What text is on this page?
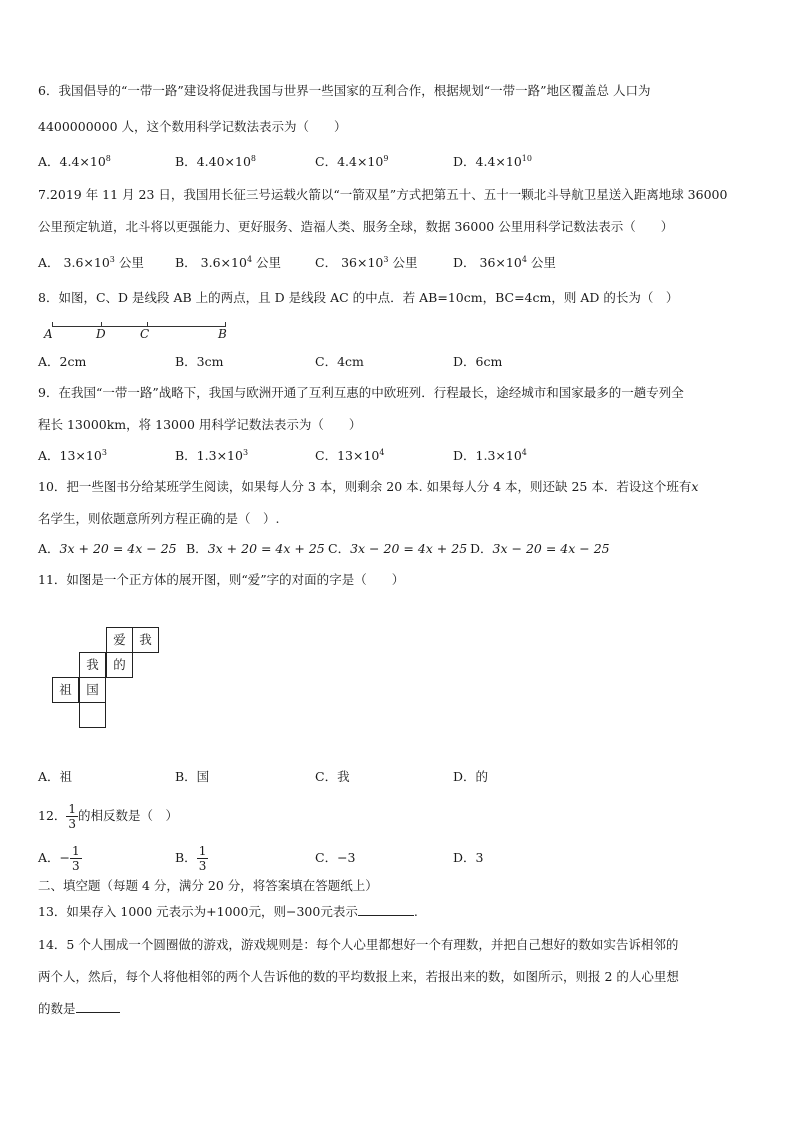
6．我国倡导的“一带一路”建设将促进我国与世界一些国家的互利合作，根据规划“一带一路”地区覆盖总 人口为
4400000000 人，这个数用科学记数法表示为（　　）
A．$4.4\times 10^8$	B．$4.40\times 10^8$	C．$4.4\times 10^9$	D．$4.4\times 10^{10}$
7.2019 年 11 月 23 日，我国用长征三号运载火箭以“一箭双星”方式把第五十、五十一颗北斗导航卫星送入距离地球 36000
公里预定轨道，北斗将以更强能力、更好服务、造福人类、服务全球，数据 36000 公里用科学记数法表示（　　）
A． $3.6\times 10^3$ 公里 B． $3.6\times 10^4$ 公里	C． $36\times 10^3$ 公里	D． $36\times 10^4$ 公里
8．如图，C、D 是线段 AB 上的两点，且 D 是线段 AC 的中点．若 AB=10cm，BC=4cm，则 AD 的长为（　）
A	D	C	B
A．2cm	B．3cm	C．4cm	D．6cm
9．在我国“一带一路”战略下，我国与欧洲开通了互利互惠的中欧班列．行程最长，途经城市和国家最多的一趟专列全
程长 13000km，将 13000 用科学记数法表示为（　　）
A．$13\times 10^3$	B．$1.3\times 10^3$	C．$13\times 10^4$	D．$1.3\times 10^4$
10．把一些图书分给某班学生阅读，如果每人分 3 本，则剩余 20 本. 如果每人分 4 本，则还缺 25 本．若设这个班有x
名学生，则依题意所列方程正确的是（　）.
A．3x + 20 = 4x − 25 B．3x + 20 = 4x + 25 C．3x − 20 = 4x + 25 D．3x − 20 = 4x − 25
11．如图是一个正方体的展开图，则“爱”字的对面的字是（　　）
爱	我
我	的
祖	国
A．祖	B．国	C．我	D．的
12． $\frac{1}{3}$ 的相反数是（　）
A．− $\frac{1}{3}$	B． $\frac{1}{3}$	C．−3	D．3
二、填空题（每题 4 分，满分 20 分，将答案填在答题纸上）
13．如果存入 1000 元表示为+1000元，则−300元表示	.
14．5 个人围成一个圆圈做的游戏，游戏规则是：每个人心里都想好一个有理数，并把自己想好的数如实告诉相邻的
两个人，然后，每个人将他相邻的两个人告诉他的数的平均数报上来，若报出来的数，如图所示，则报 2 的人心里想
的数是
